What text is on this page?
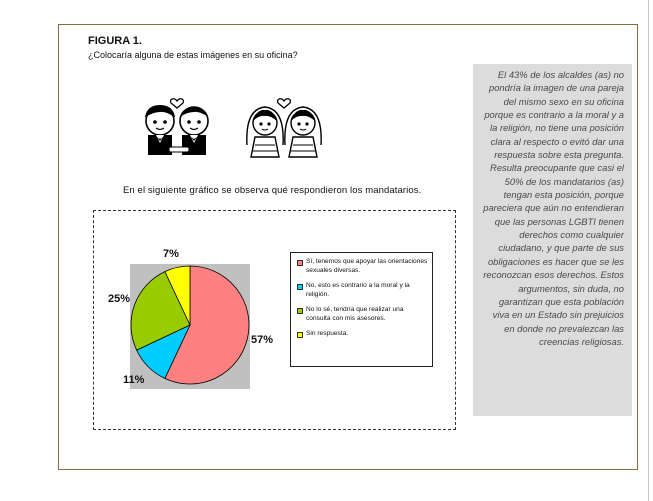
FIGURA 1.
¿Colocaría alguna de estas imágenes en su oficina?
En el siguiente gráfico se observa qué respondieron los mandatarios.
57%
11%
25%
7%
Sí, tenemos que apoyar las orientaciones sexuales diversas.
No, esto es contrario a la moral y la religión.
No lo sé, tendría que realizar una consulta con mis asesores.
Sin respuesta.

El 43% de los alcaldes (as) no pondría la imagen de una pareja del mismo sexo en su oficina porque es contrario a la moral y a la religión, no tiene una posición clara al respecto o evitó dar una respuesta sobre esta pregunta. Resulta preocupante que casi el 50% de los mandatarios (as) tengan esta posición, porque pareciera que aún no entendieran que las personas LGBTI tienen derechos como cualquier ciudadano, y que parte de sus obligaciones es hacer que se les reconozcan esos derechos. Estos argumentos, sin duda, no garantizan que esta población viva en un Estado sin prejuicios en donde no prevalezcan las creencias religiosas.
